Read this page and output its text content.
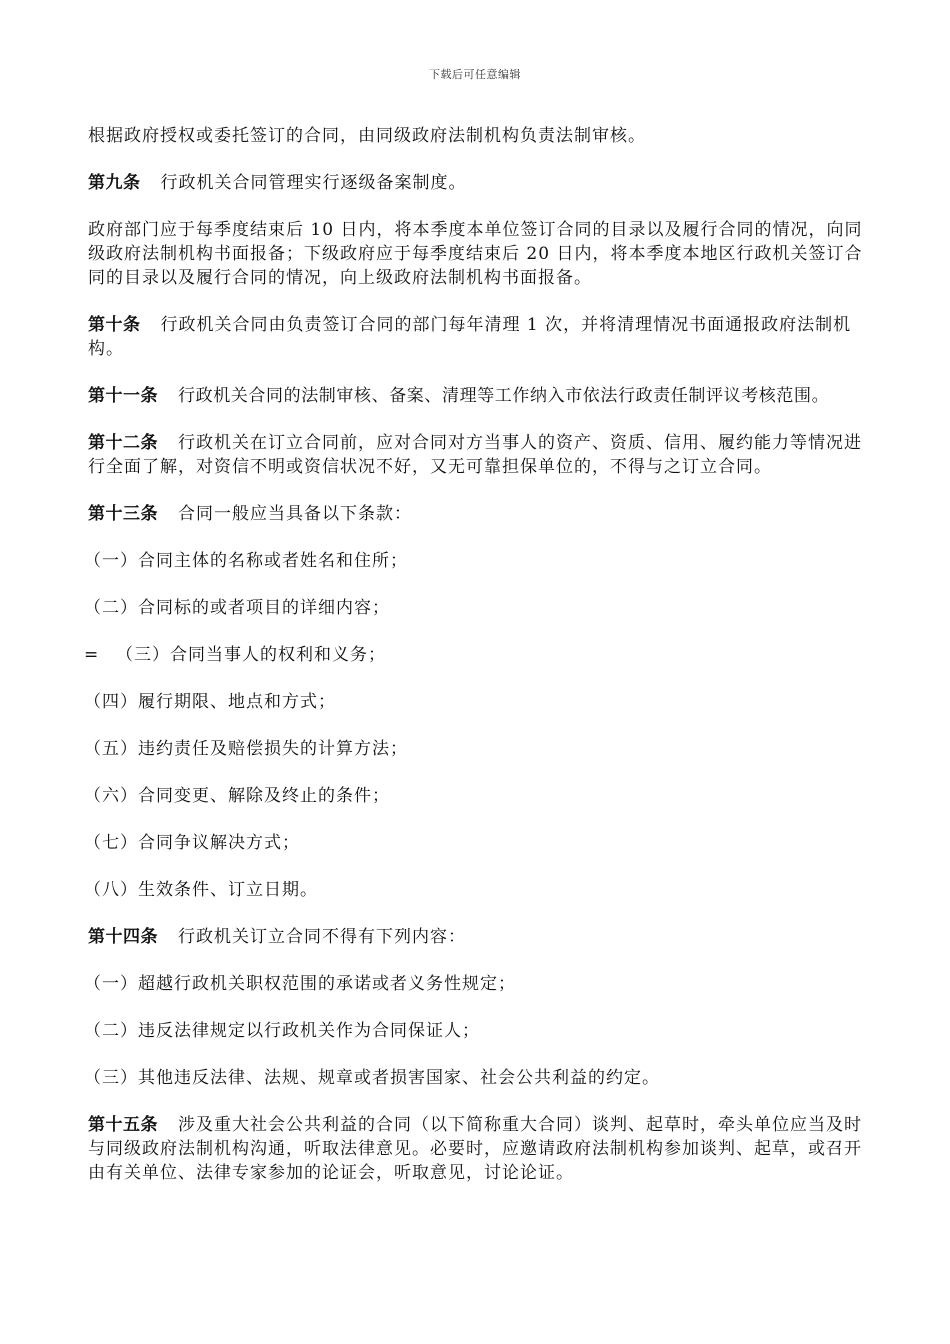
下载后可任意编辑

根据政府授权或委托签订的合同，由同级政府法制机构负责法制审核。

第九条 行政机关合同管理实行逐级备案制度。

政府部门应于每季度结束后 10 日内，将本季度本单位签订合同的目录以及履行合同的情况，向同级政府法制机构书面报备；下级政府应于每季度结束后 20 日内，将本季度本地区行政机关签订合同的目录以及履行合同的情况，向上级政府法制机构书面报备。

第十条 行政机关合同由负责签订合同的部门每年清理 1 次，并将清理情况书面通报政府法制机构。

第十一条 行政机关合同的法制审核、备案、清理等工作纳入市依法行政责任制评议考核范围。

第十二条 行政机关在订立合同前，应对合同对方当事人的资产、资质、信用、履约能力等情况进行全面了解，对资信不明或资信状况不好，又无可靠担保单位的，不得与之订立合同。

第十三条 合同一般应当具备以下条款：

（一）合同主体的名称或者姓名和住所；

（二）合同标的或者项目的详细内容；

= （三）合同当事人的权利和义务；

（四）履行期限、地点和方式；

（五）违约责任及赔偿损失的计算方法；

（六）合同变更、解除及终止的条件；

（七）合同争议解决方式；

（八）生效条件、订立日期。

第十四条 行政机关订立合同不得有下列内容：

（一）超越行政机关职权范围的承诺或者义务性规定；

（二）违反法律规定以行政机关作为合同保证人；

（三）其他违反法律、法规、规章或者损害国家、社会公共利益的约定。

第十五条 涉及重大社会公共利益的合同（以下简称重大合同）谈判、起草时，牵头单位应当及时与同级政府法制机构沟通，听取法律意见。必要时，应邀请政府法制机构参加谈判、起草，或召开由有关单位、法律专家参加的论证会，听取意见，讨论论证。
